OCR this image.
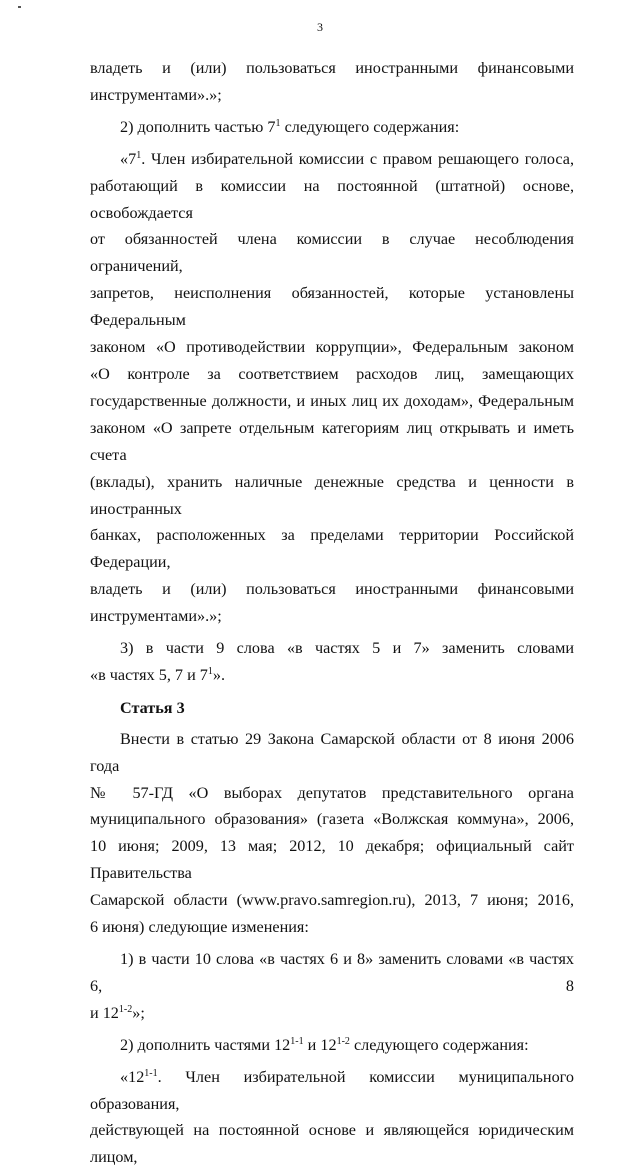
3

владеть и (или) пользоваться иностранными финансовыми
инструментами».»;

2) дополнить частью $7^1$ следующего содержания:

«$7^1$. Член избирательной комиссии с правом решающего голоса,
работающий в комиссии на постоянной (штатной) основе, освобождается
от обязанностей члена комиссии в случае несоблюдения ограничений,
запретов, неисполнения обязанностей, которые установлены Федеральным
законом «О противодействии коррупции», Федеральным законом
«О контроле за соответствием расходов лиц, замещающих
государственные должности, и иных лиц их доходам», Федеральным
законом «О запрете отдельным категориям лиц открывать и иметь счета
(вклады), хранить наличные денежные средства и ценности в иностранных
банках, расположенных за пределами территории Российской Федерации,
владеть и (или) пользоваться иностранными финансовыми
инструментами».»;

3) в части 9 слова «в частях 5 и 7» заменить словами
«в частях 5, 7 и $7^1$».

Статья 3

Внести в статью 29 Закона Самарской области от 8 июня 2006 года
№ 57-ГД «О выборах депутатов представительного органа
муниципального образования» (газета «Волжская коммуна», 2006,
10 июня; 2009, 13 мая; 2012, 10 декабря; официальный сайт Правительства
Самарской области (www.pravo.samregion.ru), 2013, 7 июня; 2016,
6 июня) следующие изменения:

1) в части 10 слова «в частях 6 и 8» заменить словами «в частях 6, 8
и 12$^{1-2}$»;

2) дополнить частями 12$^{1-1}$ и 12$^{1-2}$ следующего содержания:

«12$^{1-1}$. Член избирательной комиссии муниципального образования,
действующей на постоянной основе и являющейся юридическим лицом,
